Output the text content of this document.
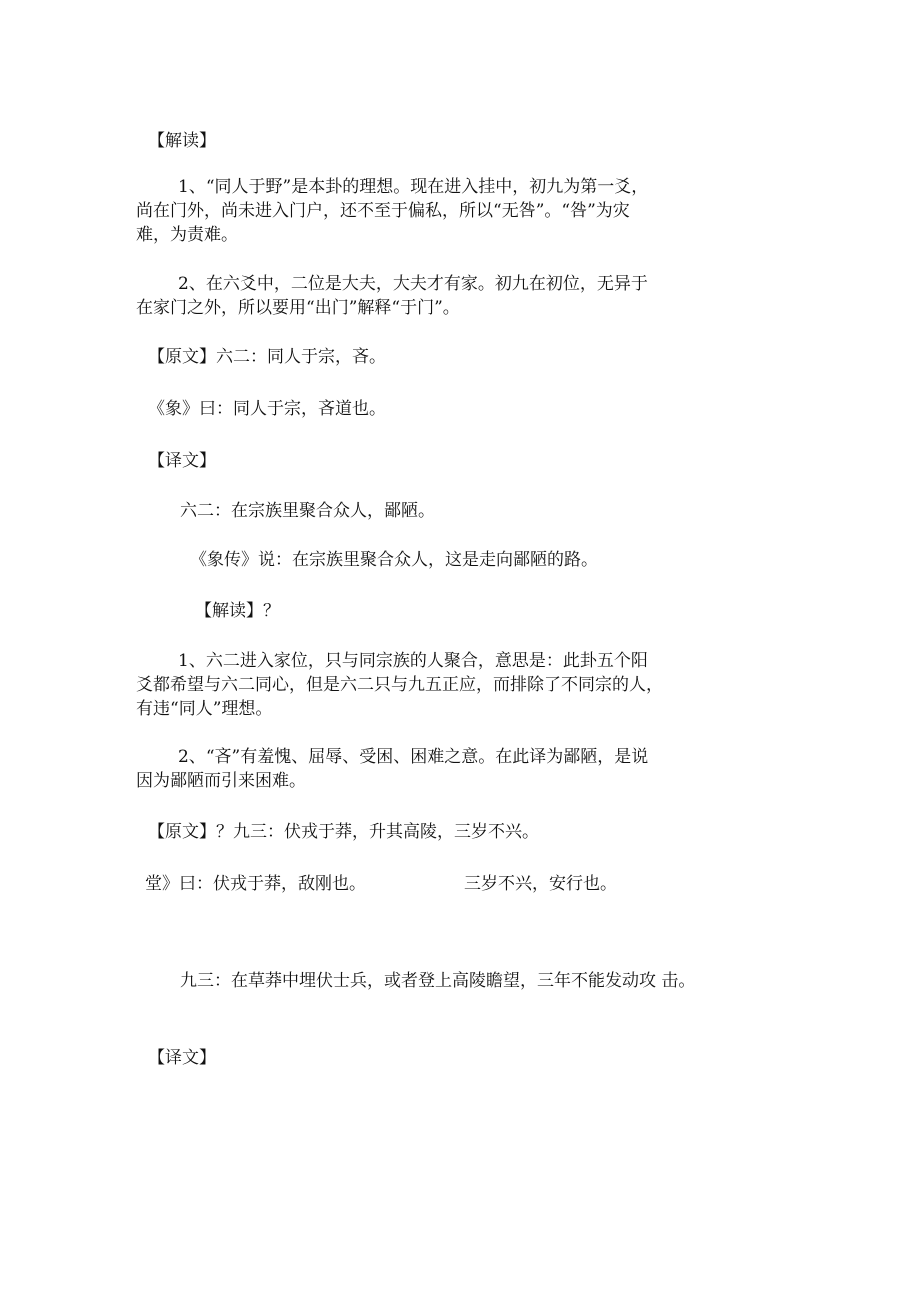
【解读】
1、“同人于野”是本卦的理想。现在进入挂中，初九为第一爻，
尚在门外，尚未进入门户，还不至于偏私，所以“无咎”。“咎”为灾
难，为责难。
2、在六爻中，二位是大夫，大夫才有家。初九在初位，无异于
在家门之外，所以要用“出门”解释“于门”。
【原文】六二：同人于宗，吝。
《象》曰：同人于宗，吝道也。
【译文】
六二：在宗族里聚合众人，鄙陋。
《象传》说：在宗族里聚合众人，这是走向鄙陋的路。
【解读】？
1、六二进入家位，只与同宗族的人聚合，意思是：此卦五个阳
爻都希望与六二同心，但是六二只与九五正应，而排除了不同宗的人，
有违“同人”理想。
2、“吝”有羞愧、屈辱、受困、困难之意。在此译为鄙陋，是说
因为鄙陋而引来困难。
【原文】？九三：伏戎于莽，升其高陵，三岁不兴。
堂》曰：伏戎于莽，敌刚也。	三岁不兴，安行也。
九三：在草莽中埋伏士兵，或者登上高陵瞻望，三年不能发动攻 击。
【译文】
